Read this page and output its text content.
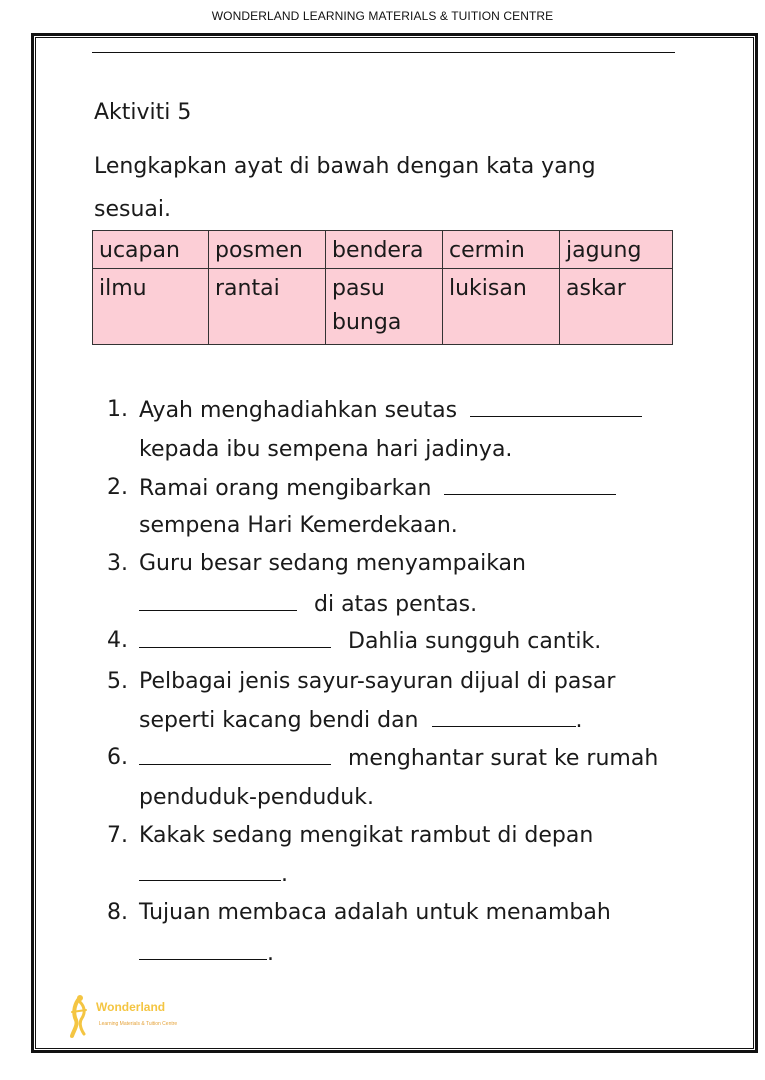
WONDERLAND LEARNING MATERIALS & TUITION CENTRE
Aktiviti 5
Lengkapkan ayat di bawah dengan kata yang sesuai.
ucapan	posmen	bendera	cermin	jagung
ilmu	rantai	pasu bunga	lukisan	askar
1. Ayah menghadiahkan seutas
kepada ibu sempena hari jadinya.
2. Ramai orang mengibarkan
sempena Hari Kemerdekaan.
3. Guru besar sedang menyampaikan
di atas pentas.
4.	Dahlia sungguh cantik.
5. Pelbagai jenis sayur-sayuran dijual di pasar
seperti kacang bendi dan	.
6.	menghantar surat ke rumah
penduduk-penduduk.
7. Kakak sedang mengikat rambut di depan
.
8. Tujuan membaca adalah untuk menambah
.
Wonderland
Learning Materials & Tuition Centre
